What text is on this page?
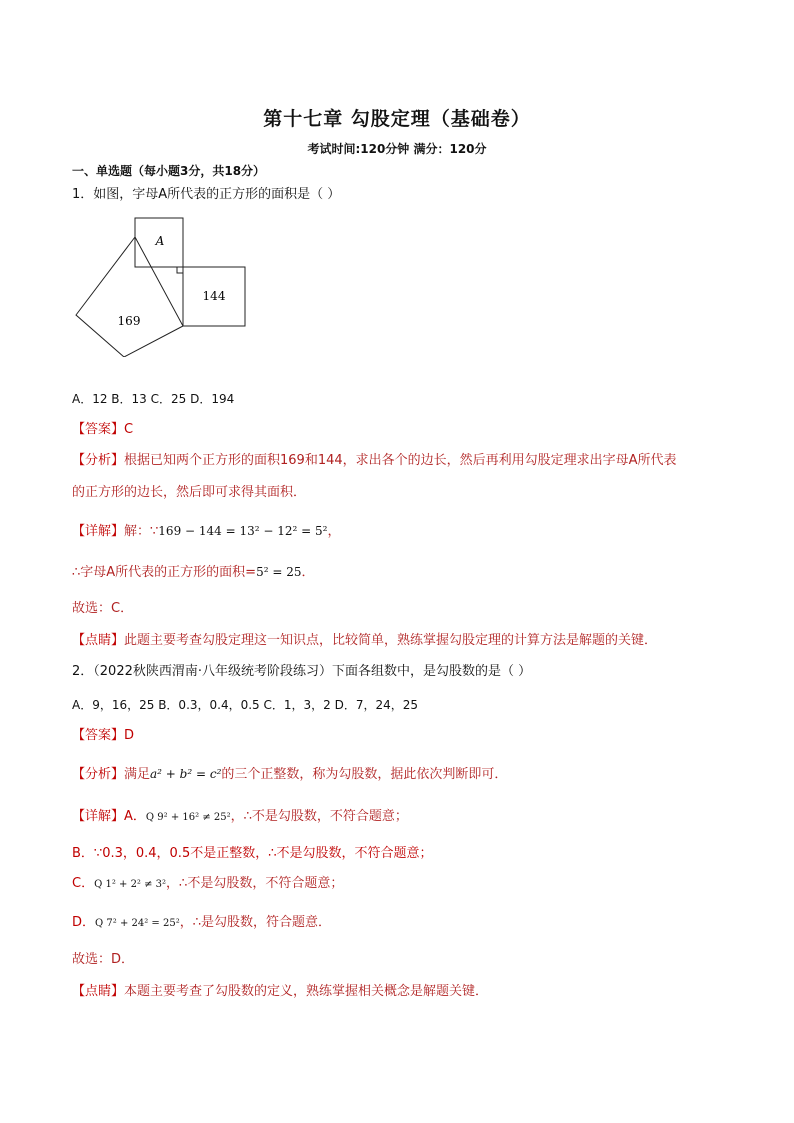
第十七章 勾股定理（基础卷）
考试时间:120分钟 满分：120分
一、单选题（每小题3分，共18分）
1．如图，字母A所代表的正方形的面积是（ ）
A
144
169
A．12 B．13 C．25 D．194
【答案】C
【分析】根据已知两个正方形的面积169和144，求出各个的边长，然后再利用勾股定理求出字母A所代表
的正方形的边长，然后即可求得其面积．
【详解】解：∵169 − 144 = 13² − 12² = 5²，
∴字母A所代表的正方形的面积=5² = 25．
故选：C．
【点睛】此题主要考查勾股定理这一知识点，比较简单，熟练掌握勾股定理的计算方法是解题的关键．
2．（2022秋陕西渭南·八年级统考阶段练习）下面各组数中，是勾股数的是（ ）
A．9，16，25 B．0.3，0.4，0.5 C．1，3，2 D．7，24，25
【答案】D
【分析】满足a² + b² = c²的三个正整数，称为勾股数，据此依次判断即可．
【详解】A．Q 9² + 16² ≠ 25²，∴不是勾股数，不符合题意；
B．∵0.3，0.4，0.5不是正整数，∴不是勾股数，不符合题意；
C．Q 1² + 2² ≠ 3²，∴不是勾股数，不符合题意；
D．Q 7² + 24² = 25²，∴是勾股数，符合题意．
故选：D．
【点睛】本题主要考查了勾股数的定义，熟练掌握相关概念是解题关键．
